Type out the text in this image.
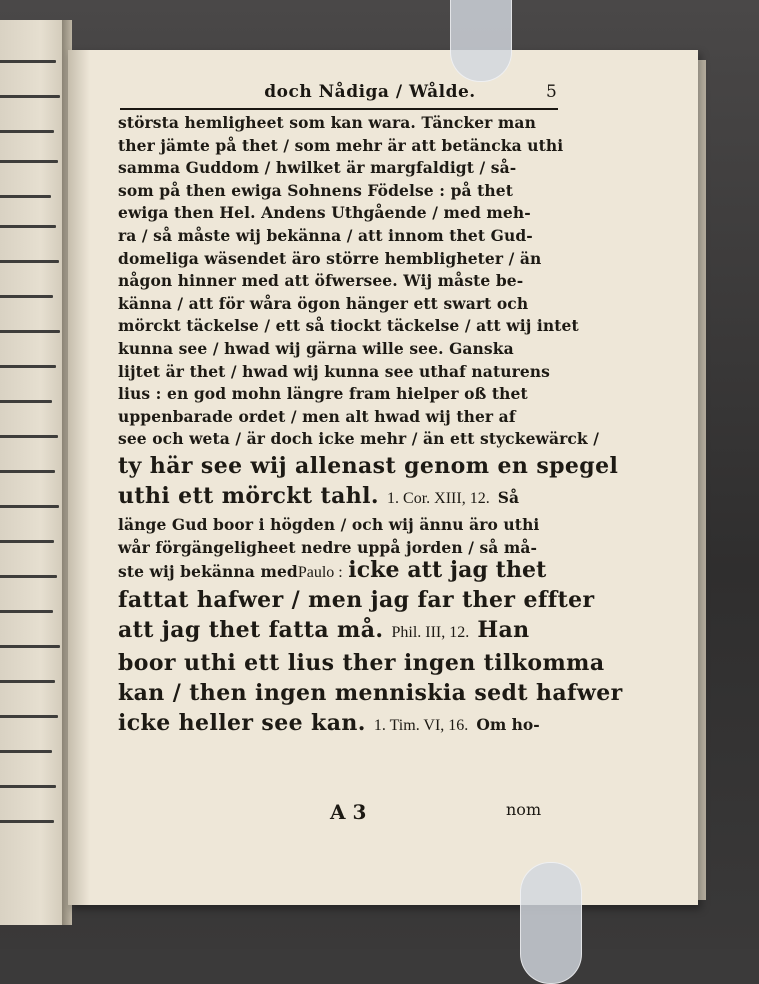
doch Nådiga / Wålde.	5
största hemligheet som kan wara. Täncker man
ther jämte på thet / som mehr är att betäncka uthi
samma Guddom / hwilket är margfaldigt / så-
som på then ewiga Sohnens Födelse : på thet
ewiga then Hel. Andens Uthgående / med meh-
ra / så måste wij bekänna / att innom thet Gud-
domeliga wäsendet äro större hembligheter / än
någon hinner med att öfwersee. Wij måste be-
känna / att för wåra ögon hänger ett swart och
mörckt täckelse / ett så tiockt täckelse / att wij intet
kunna see / hwad wij gärna wille see. Ganska
lijtet är thet / hwad wij kunna see uthaf naturens
lius : en god mohn längre fram hielper oß thet
uppenbarade ordet / men alt hwad wij ther af
see och weta / är doch icke mehr / än ett styckewärck /
ty här see wij allenast genom en spegel
uthi ett mörckt tahl. 1. Cor. XIII, 12. Så
länge Gud boor i högden / och wij ännu äro uthi
wår förgängeligheet nedre uppå jorden / så må-
ste wij bekänna medPaulo : icke att jag thet
fattat hafwer / men jag far ther effter
att jag thet fatta må. Phil. III, 12. Han
boor uthi ett lius ther ingen tilkomma
kan / then ingen menniskia sedt hafwer
icke heller see kan. 1. Tim. VI, 16. Om ho-
A 3	nom
